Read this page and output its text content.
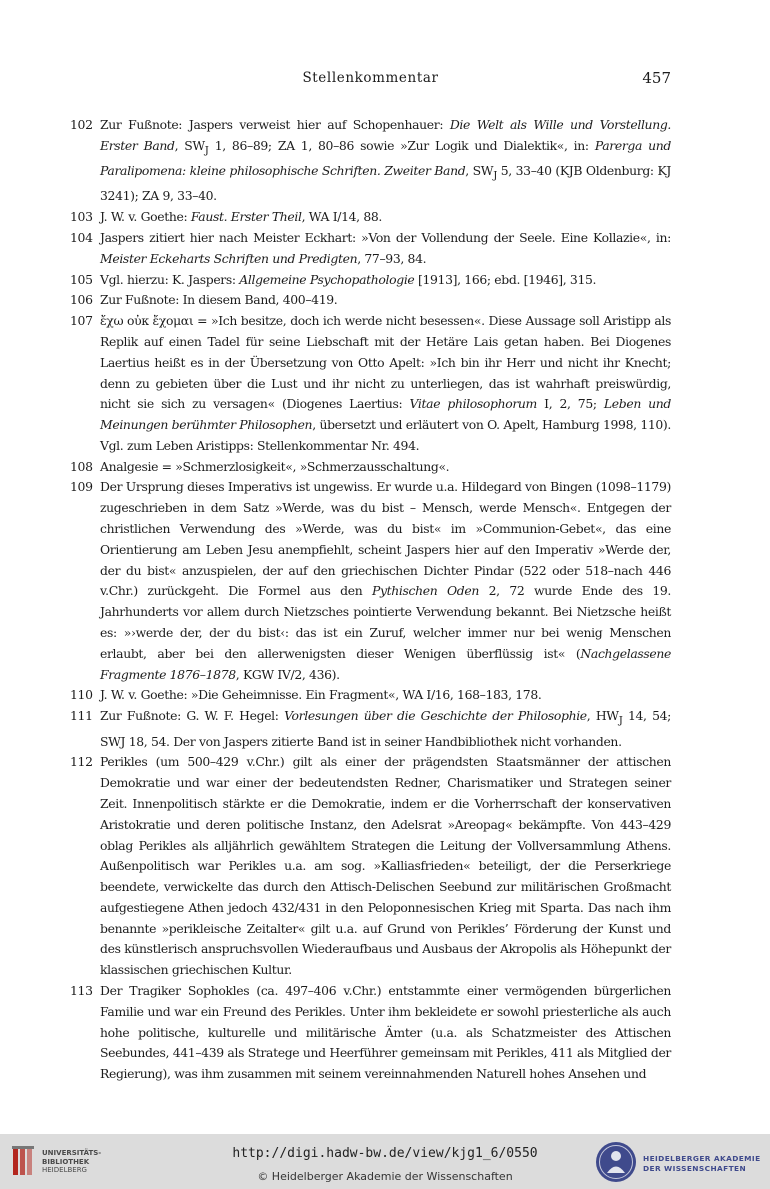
Stellenkommentar	457
102 Zur Fußnote: Jaspers verweist hier auf Schopenhauer: Die Welt als Wille und Vorstellung. Erster Band, $SW_J$ 1, 86–89; ZA 1, 80–86 sowie »Zur Logik und Dialektik«, in: Parerga und Paralipomena: kleine philosophische Schriften. Zweiter Band, $SW_J$ 5, 33–40 (KJB Oldenburg: KJ 3241); ZA 9, 33–40.
103 J. W. v. Goethe: Faust. Erster Theil, WA I/14, 88.
104 Jaspers zitiert hier nach Meister Eckhart: »Von der Vollendung der Seele. Eine Kollazie«, in: Meister Eckeharts Schriften und Predigten, 77–93, 84.
105 Vgl. hierzu: K. Jaspers: Allgemeine Psychopathologie [1913], 166; ebd. [1946], 315.
106 Zur Fußnote: In diesem Band, 400–419.
107 ἔχω οὐκ ἔχομαι = »Ich besitze, doch ich werde nicht besessen«. Diese Aussage soll Aristipp als Replik auf einen Tadel für seine Liebschaft mit der Hetäre Lais getan haben. Bei Diogenes Laertius heißt es in der Übersetzung von Otto Apelt: »Ich bin ihr Herr und nicht ihr Knecht; denn zu gebieten über die Lust und ihr nicht zu unterliegen, das ist wahrhaft preiswürdig, nicht sie sich zu versagen« (Diogenes Laertius: Vitae philosophorum I, 2, 75; Leben und Meinungen berühmter Philosophen, übersetzt und erläutert von O. Apelt, Hamburg 1998, 110). Vgl. zum Leben Aristipps: Stellenkommentar Nr. 494.
108 Analgesie = »Schmerzlosigkeit«, »Schmerzausschaltung«.
109 Der Ursprung dieses Imperativs ist ungewiss. Er wurde u.a. Hildegard von Bingen (1098–1179) zugeschrieben in dem Satz »Werde, was du bist – Mensch, werde Mensch«. Entgegen der christlichen Verwendung des »Werde, was du bist« im »Communion-Gebet«, das eine Orientierung am Leben Jesu anempfiehlt, scheint Jaspers hier auf den Imperativ »Werde der, der du bist« anzuspielen, der auf den griechischen Dichter Pindar (522 oder 518–nach 446 v.Chr.) zurückgeht. Die Formel aus den Pythischen Oden 2, 72 wurde Ende des 19. Jahrhunderts vor allem durch Nietzsches pointierte Verwendung bekannt. Bei Nietzsche heißt es: »›werde der, der du bist‹: das ist ein Zuruf, welcher immer nur bei wenig Menschen erlaubt, aber bei den allerwenigsten dieser Wenigen überflüssig ist« (Nachgelassene Fragmente 1876–1878, KGW IV/2, 436).
110 J. W. v. Goethe: »Die Geheimnisse. Ein Fragment«, WA I/16, 168–183, 178.
111 Zur Fußnote: G. W. F. Hegel: Vorlesungen über die Geschichte der Philosophie, $HW_J$ 14, 54; SWJ 18, 54. Der von Jaspers zitierte Band ist in seiner Handbibliothek nicht vorhanden.
112 Perikles (um 500–429 v.Chr.) gilt als einer der prägendsten Staatsmänner der attischen Demokratie und war einer der bedeutendsten Redner, Charismatiker und Strategen seiner Zeit. Innenpolitisch stärkte er die Demokratie, indem er die Vorherrschaft der konservativen Aristokratie und deren politische Instanz, den Adelsrat »Areopag« bekämpfte. Von 443–429 oblag Perikles als alljährlich gewähltem Strategen die Leitung der Vollversammlung Athens. Außenpolitisch war Perikles u.a. am sog. »Kalliasfrieden« beteiligt, der die Perserkriege beendete, verwickelte das durch den Attisch-Delischen Seebund zur militärischen Großmacht aufgestiegene Athen jedoch 432/431 in den Peloponnesischen Krieg mit Sparta. Das nach ihm benannte »perikleische Zeitalter« gilt u.a. auf Grund von Perikles’ Förderung der Kunst und des künstlerisch anspruchsvollen Wiederaufbaus und Ausbaus der Akropolis als Höhepunkt der klassischen griechischen Kultur.
113 Der Tragiker Sophokles (ca. 497–406 v.Chr.) entstammte einer vermögenden bürgerlichen Familie und war ein Freund des Perikles. Unter ihm bekleidete er sowohl priesterliche als auch hohe politische, kulturelle und militärische Ämter (u.a. als Schatzmeister des Attischen Seebundes, 441–439 als Stratege und Heerführer gemeinsam mit Perikles, 411 als Mitglied der Regierung), was ihm zusammen mit seinem vereinnahmenden Naturell hohes Ansehen und
UNIVERSITÄTS-
BIBLIOTHEK
HEIDELBERG
http://digi.hadw-bw.de/view/kjg1_6/0550
© Heidelberger Akademie der Wissenschaften
HEIDELBERGER AKADEMIE
DER WISSENSCHAFTEN
